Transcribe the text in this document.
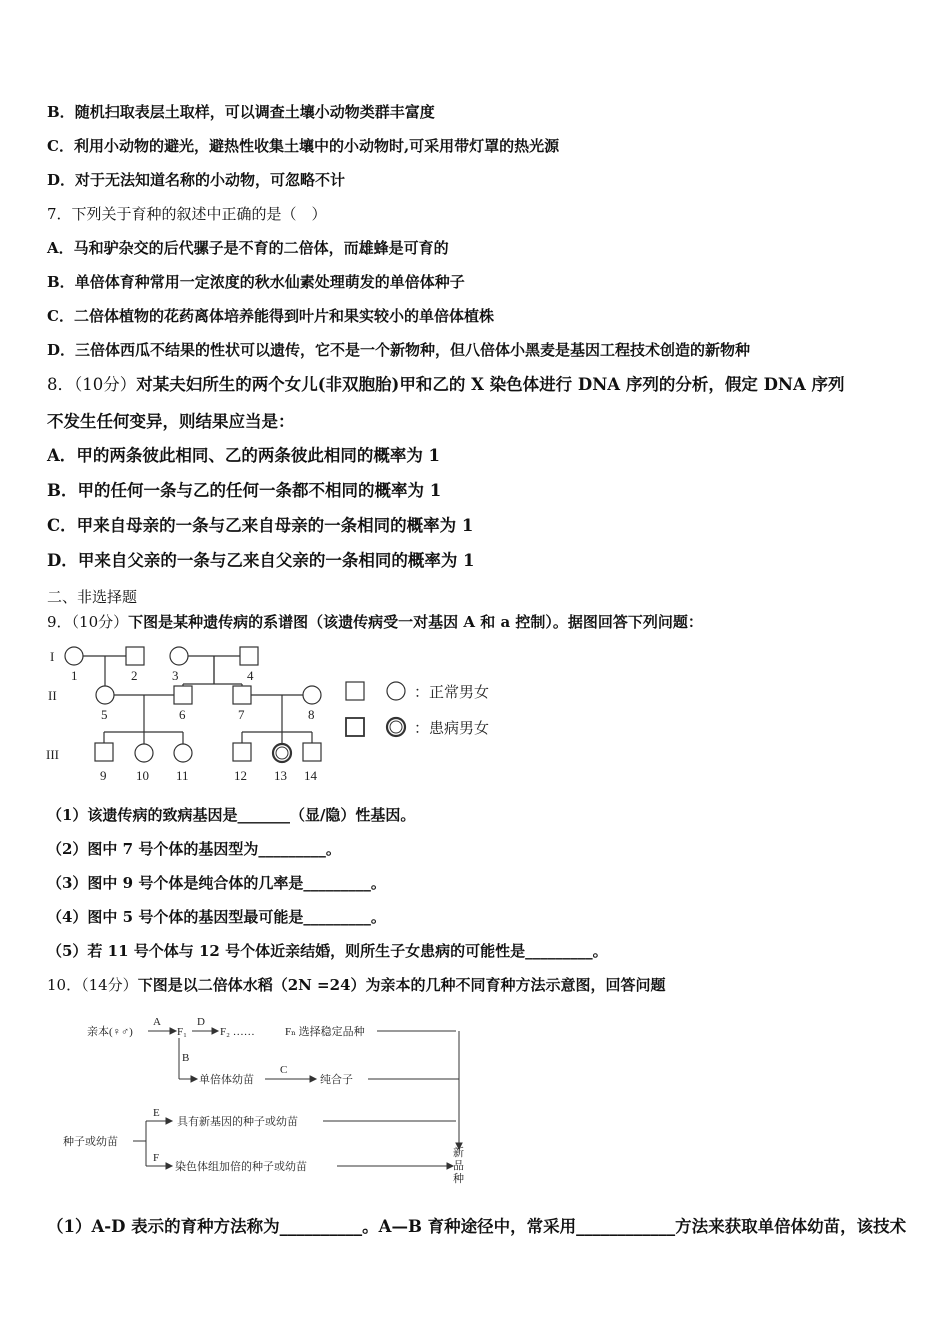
B．随机扫取表层土取样，可以调查土壤小动物类群丰富度
C．利用小动物的避光，避热性收集土壤中的小动物时,可采用带灯罩的热光源
D．对于无法知道名称的小动物，可忽略不计
7．下列关于育种的叙述中正确的是（　）
A．马和驴杂交的后代骡子是不育的二倍体，而雄蜂是可育的
B．单倍体育种常用一定浓度的秋水仙素处理萌发的单倍体种子
C．二倍体植物的花药离体培养能得到叶片和果实较小的单倍体植株
D．三倍体西瓜不结果的性状可以遗传，它不是一个新物种，但八倍体小黑麦是基因工程技术创造的新物种
8．（10分）对某夫妇所生的两个女儿(非双胞胎)甲和乙的 X 染色体进行 DNA 序列的分析，假定 DNA 序列
不发生任何变异，则结果应当是：
A．甲的两条彼此相同、乙的两条彼此相同的概率为 1
B．甲的任何一条与乙的任何一条都不相同的概率为 1
C．甲来自母亲的一条与乙来自母亲的一条相同的概率为 1
D．甲来自父亲的一条与乙来自父亲的一条相同的概率为 1
二、非选择题
9．（10分）下图是某种遗传病的系谱图（该遗传病受一对基因 A 和 a 控制）。据图回答下列问题：
I
II
III
1	2	3	4
5	6	7	8
9 10 11	12 13 14
：正常男女
：患病男女
（1）该遗传病的致病基因是_______（显/隐）性基因。
（2）图中 7 号个体的基因型为_________。
（3）图中 9 号个体是纯合体的几率是_________。
（4）图中 5 号个体的基因型最可能是_________。
（5）若 11 号个体与 12 号个体近亲结婚，则所生子女患病的可能性是_________。
10．（14分）下图是以二倍体水稻（2N =24）为亲本的几种不同育种方法示意图，回答问题
亲本(♀♂)
A
F₁
D
F₂ ……	Fₙ 选择稳定品种
B
单倍体幼苗
C
纯合子
种子或幼苗
E
具有新基因的种子或幼苗
F
染色体组加倍的种子或幼苗
新品种
（1）A-D 表示的育种方法称为__________。A—B 育种途径中，常采用____________方法来获取单倍体幼苗，该技术
